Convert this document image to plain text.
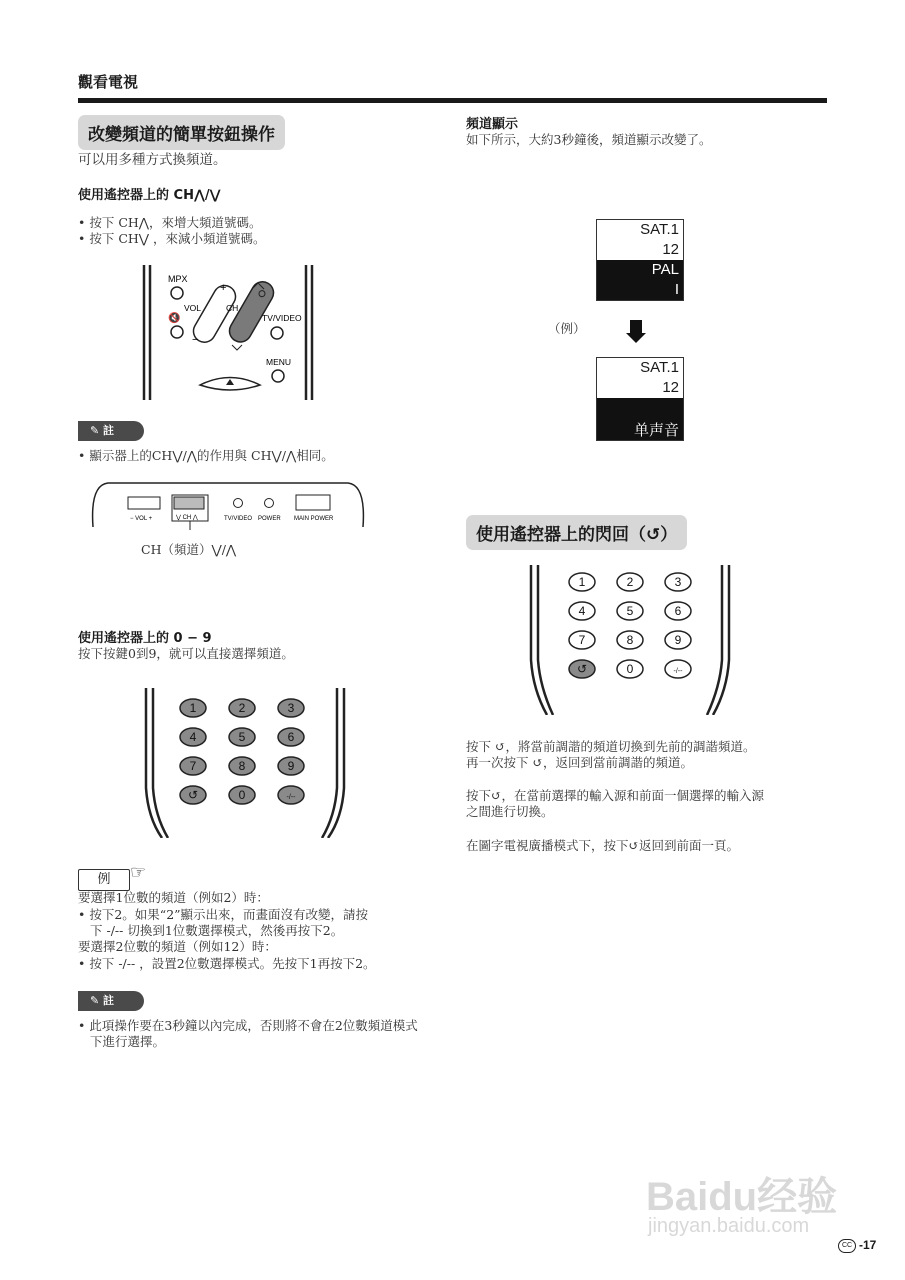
觀看電視
改變頻道的簡單按鈕操作
可以用多種方式換頻道。
使用遙控器上的 CH⋀/⋁
• 按下 CH⋀，來增大頻道號碼。
• 按下 CH⋁ ，來減小頻道號碼。
MPX
VOL
+
−
CH
🔇	TV/VIDEO
MENU
✎ 註
• 顯示器上的CH⋁/⋀的作用與 CH⋁/⋀相同。
− VOL +	⋁ CH ⋀	TV/VIDEO POWER MAIN POWER
CH（頻道）⋁/⋀
使用遙控器上的 0 − 9
按下按鍵0到9，就可以直接選擇頻道。
1	2	3
4	5	6
7	8	9
↺	0	-/--
例	☞
要選擇1位數的頻道（例如2）時：
• 按下2。如果“2”顯示出來，而畫面沒有改變，請按
下 -/-- 切換到1位數選擇模式，然後再按下2。
要選擇2位數的頻道（例如12）時：
• 按下 -/-- ，設置2位數選擇模式。先按下1再按下2。
✎ 註
• 此項操作要在3秒鐘以內完成，否則將不會在2位數頻道模式
下進行選擇。
頻道顯示
如下所示，大約3秒鐘後，頻道顯示改變了。
SAT.1
12
PAL
I
（例）
SAT.1
12
单声音
使用遙控器上的閃回（↺）
1	2	3
4	5	6
7	8	9
↺	0	-/--
按下 ↺，將當前調諧的頻道切換到先前的調諧頻道。
再一次按下 ↺，返回到當前調諧的頻道。
按下↺，在當前選擇的輸入源和前面一個選擇的輸入源
之間進行切換。
在圖字電視廣播模式下，按下↺返回到前面一頁。
Baidu经验
jingyan.baidu.com
CC -17
